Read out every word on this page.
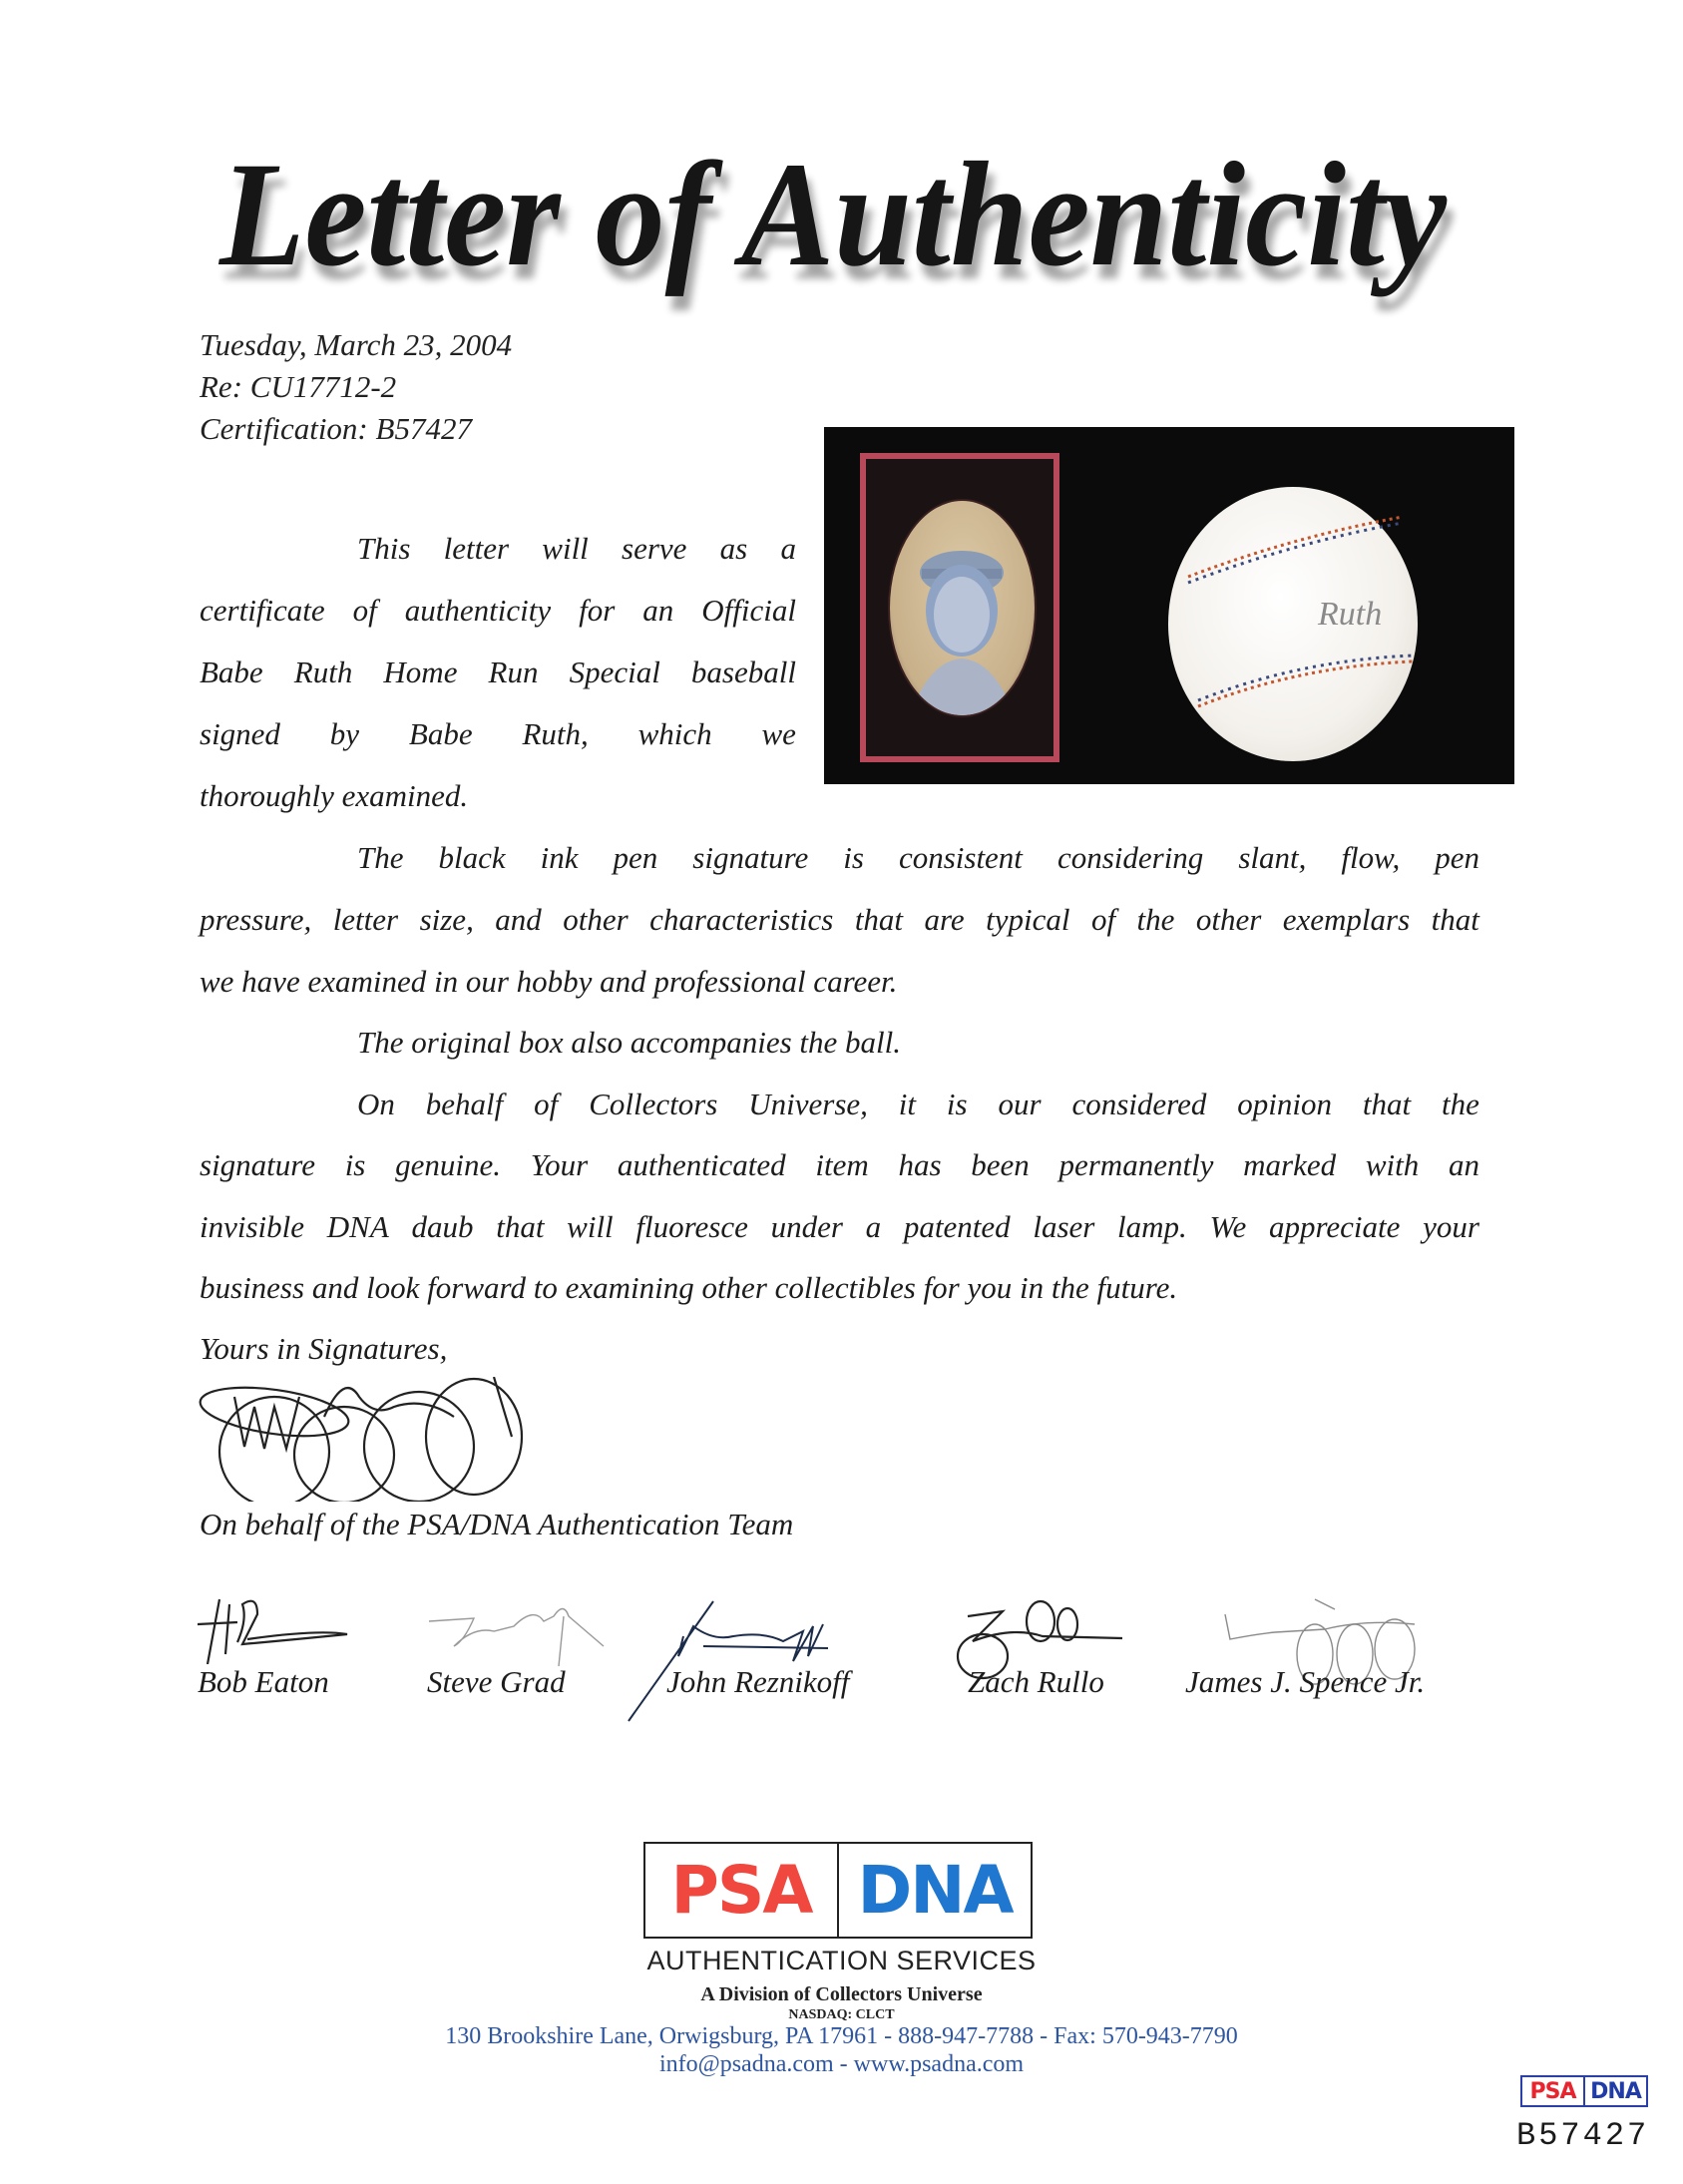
Letter of Authenticity
Tuesday, March 23, 2004
Re: CU17712-2
Certification: B57427
Ruth
This letter will serve as a
certificate of authenticity for an Official
Babe Ruth Home Run Special baseball
signed by Babe Ruth, which we
thoroughly examined.
The black ink pen signature is consistent considering slant, flow, pen
pressure, letter size, and other characteristics that are typical of the other exemplars that
we have examined in our hobby and professional career.
The original box also accompanies the ball.
On behalf of Collectors Universe, it is our considered opinion that the
signature is genuine. Your authenticated item has been permanently marked with an
invisible DNA daub that will fluoresce under a patented laser lamp. We appreciate your
business and look forward to examining other collectibles for you in the future.
Yours in Signatures,
On behalf of the PSA/DNA Authentication Team
Bob Eaton	Steve Grad	John Reznikoff	Zach Rullo	James J. Spence Jr.
PSA DNA
AUTHENTICATION SERVICES
A Division of Collectors Universe
NASDAQ: CLCT
130 Brookshire Lane, Orwigsburg, PA 17961 - 888-947-7788 - Fax: 570-943-7790
info@psadna.com - www.psadna.com
PSA DNA
B57427
